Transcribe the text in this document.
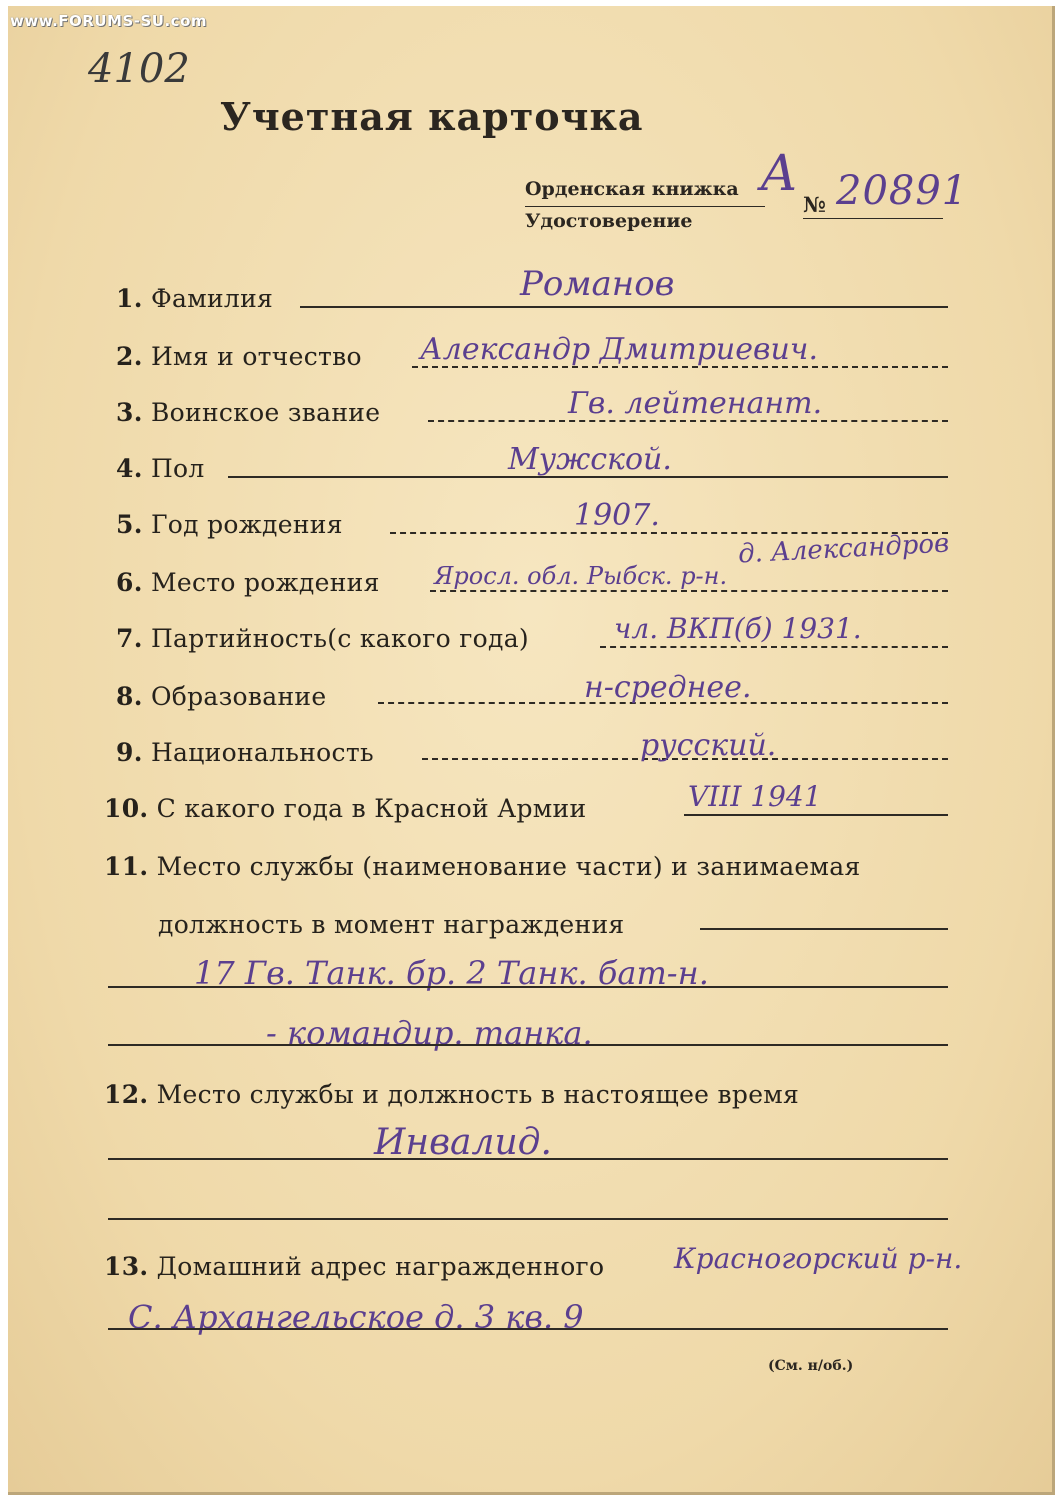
4102
Учетная карточка
Орденская книжка
Удостоверение
А
№ 20891
1. Фамилия	Романов
2. Имя и отчество Александр Дмитриевич.
3. Воинское звание	Гв. лейтенант.
4. Пол	Мужской.
5. Год рождения	1907.
6. Место рождения Яросл. обл. Рыбск. р-н.
д. Александров
7. Партийность(с какого года)	чл. ВКП(б) 1931.
8. Образование	н-среднее.
9. Национальность	русский.
10. С какого года в Красной Армии	VIII 1941
11. Место службы (наименование части) и занимаемая
должность в момент награждения
17 Гв. Танк. бр. 2 Танк. бат-н.
- командир. танка.
12. Место службы и должность в настоящее время
Инвалид.
13. Домашний адрес награжденного Красногорский р-н.
С. Архангельское д. 3 кв. 9
(См. н/об.)
www.FORUMS-SU.com
